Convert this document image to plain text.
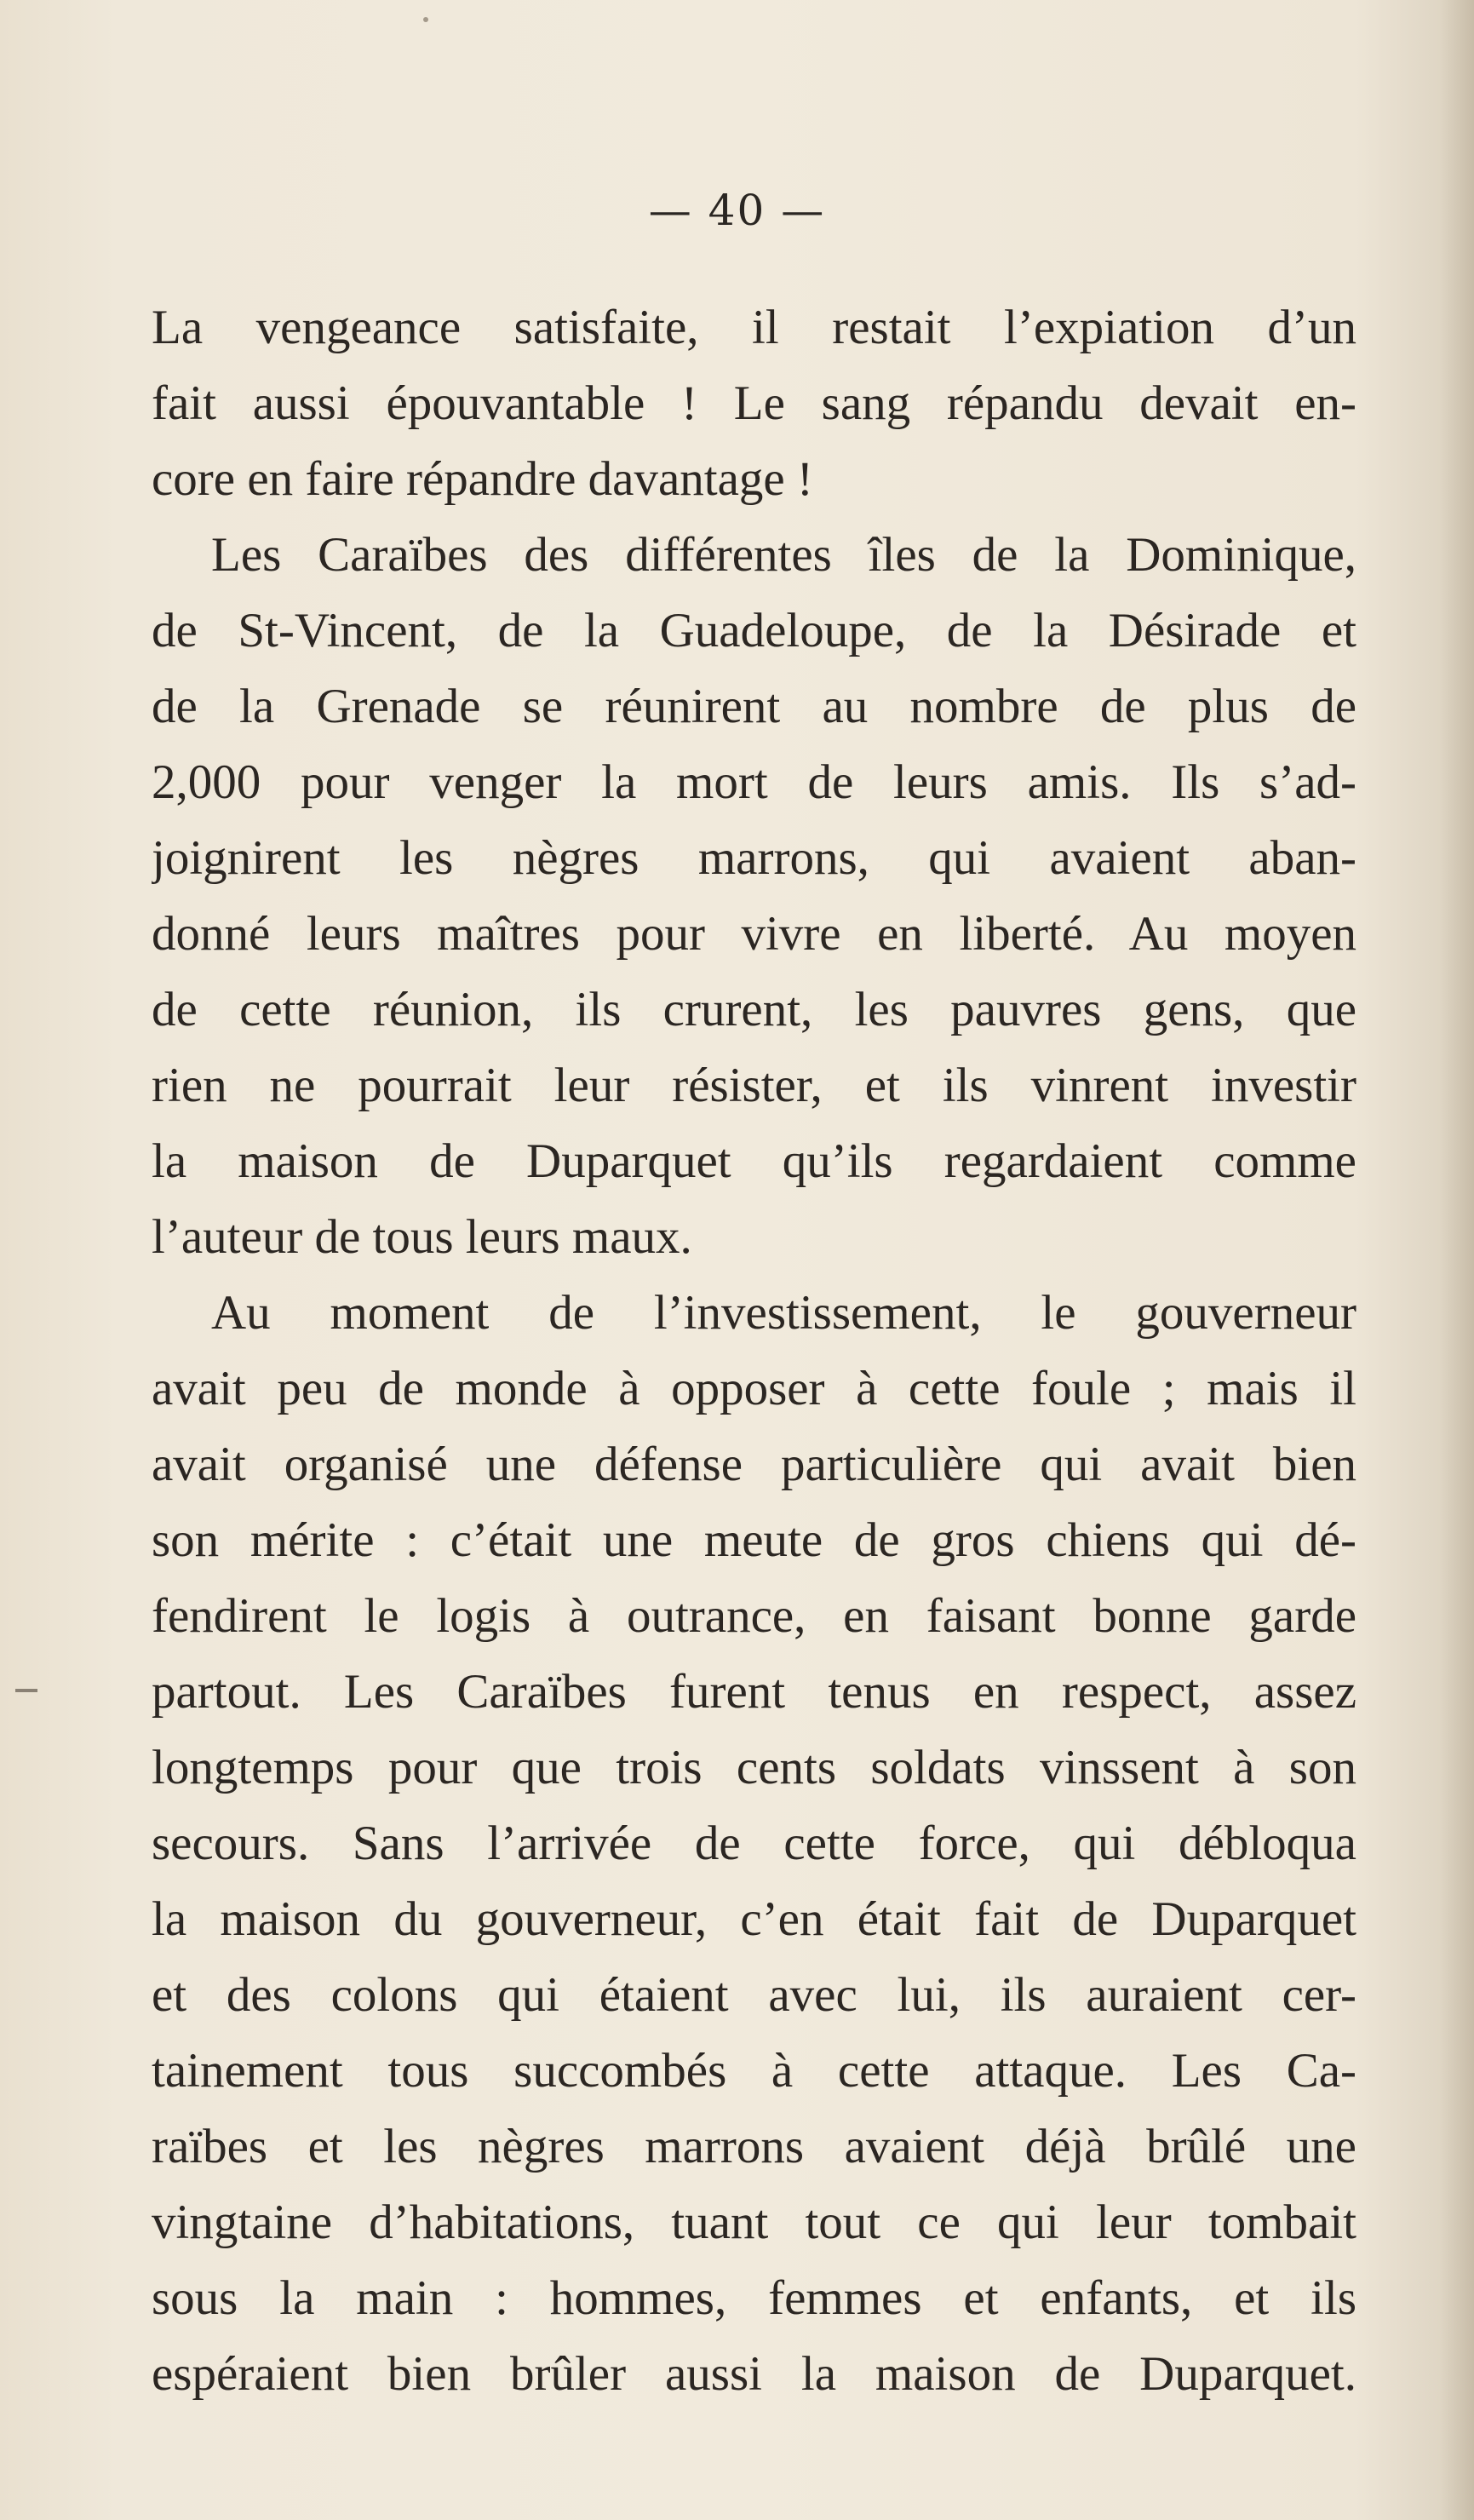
— 40 —
La vengeance satisfaite, il restait l’expiation d’un
fait aussi épouvantable ! Le sang répandu devait en-
core en faire répandre davantage !
Les Caraïbes des différentes îles de la Dominique,
de St-Vincent, de la Guadeloupe, de la Désirade et
de la Grenade se réunirent au nombre de plus de
2,000 pour venger la mort de leurs amis. Ils s’ad-
joignirent les nègres marrons, qui avaient aban-
donné leurs maîtres pour vivre en liberté. Au moyen
de cette réunion, ils crurent, les pauvres gens, que
rien ne pourrait leur résister, et ils vinrent investir
la maison de Duparquet qu’ils regardaient comme
l’auteur de tous leurs maux.
Au moment de l’investissement, le gouverneur
avait peu de monde à opposer à cette foule ; mais il
avait organisé une défense particulière qui avait bien
son mérite : c’était une meute de gros chiens qui dé-
fendirent le logis à outrance, en faisant bonne garde
partout. Les Caraïbes furent tenus en respect, assez
longtemps pour que trois cents soldats vinssent à son
secours. Sans l’arrivée de cette force, qui débloqua
la maison du gouverneur, c’en était fait de Duparquet
et des colons qui étaient avec lui, ils auraient cer-
tainement tous succombés à cette attaque. Les Ca-
raïbes et les nègres marrons avaient déjà brûlé une
vingtaine d’habitations, tuant tout ce qui leur tombait
sous la main : hommes, femmes et enfants, et ils
espéraient bien brûler aussi la maison de Duparquet.
